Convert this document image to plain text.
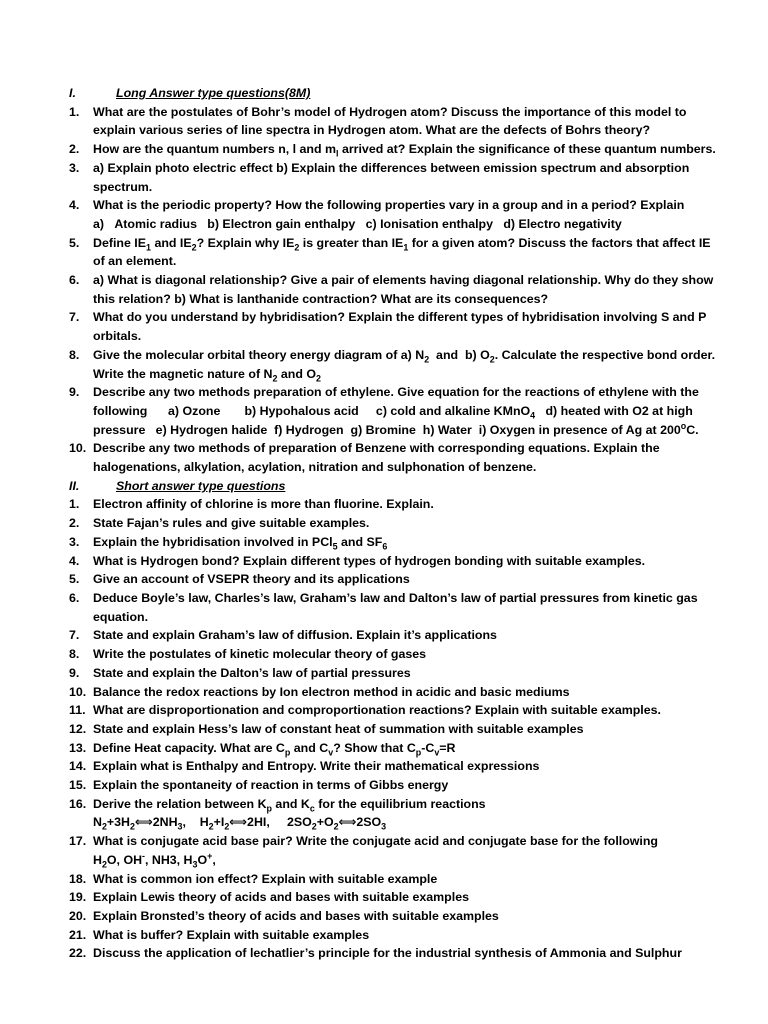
I.	Long Answer type questions(8M)
1.	What are the postulates of Bohr’s model of Hydrogen atom? Discuss the importance of this model to explain various series of line spectra in Hydrogen atom. What are the defects of Bohrs theory?
2.	How are the quantum numbers n, l and $m_l$ arrived at? Explain the significance of these quantum numbers.
3.	a) Explain photo electric effect b) Explain the differences between emission spectrum and absorption spectrum.
4.	What is the periodic property? How the following properties vary in a group and in a period? Explain
a)   Atomic radius   b) Electron gain enthalpy   c) Ionisation enthalpy   d) Electro negativity
5.	Define $IE_1$ and $IE_2$? Explain why $IE_2$ is greater than $IE_1$ for a given atom? Discuss the factors that affect IE of an element.
6.	a) What is diagonal relationship? Give a pair of elements having diagonal relationship. Why do they show this relation? b) What is lanthanide contraction? What are its consequences?
7.	What do you understand by hybridisation? Explain the different types of hybridisation involving S and P orbitals.
8.	Give the molecular orbital theory energy diagram of a) $N_2$  and  b) $O_2$. Calculate the respective bond order. Write the magnetic nature of $N_2$ and $O_2$
9.	Describe any two methods preparation of ethylene. Give equation for the reactions of ethylene with the following      a) Ozone       b) Hypohalous acid     c) cold and alkaline KMnO$_4$   d) heated with O2 at high pressure   e) Hydrogen halide  f) Hydrogen  g) Bromine  h) Water  i) Oxygen in presence of Ag at 200$^o$C.
10. Describe any two methods of preparation of Benzene with corresponding equations. Explain the halogenations, alkylation, acylation, nitration and sulphonation of benzene.
II.	Short answer type questions
1.	Electron affinity of chlorine is more than fluorine. Explain.
2.	State Fajan’s rules and give suitable examples.
3.	Explain the hybridisation involved in PCl$_5$ and $SF_6$
4.	What is Hydrogen bond? Explain different types of hydrogen bonding with suitable examples.
5.	Give an account of VSEPR theory and its applications
6.	Deduce Boyle’s law, Charles’s law, Graham’s law and Dalton’s law of partial pressures from kinetic gas equation.
7.	State and explain Graham’s law of diffusion. Explain it’s applications
8.	Write the postulates of kinetic molecular theory of gases
9.	State and explain the Dalton’s law of partial pressures
10. Balance the redox reactions by Ion electron method in acidic and basic mediums
11. What are disproportionation and comproportionation reactions? Explain with suitable examples.
12. State and explain Hess’s law of constant heat of summation with suitable examples
13. Define Heat capacity. What are $C_p$ and $C_v$? Show that $C_p-C_v=R$
14. Explain what is Enthalpy and Entropy. Write their mathematical expressions
15. Explain the spontaneity of reaction in terms of Gibbs energy
16. Derive the relation between $K_p$ and $K_c$ for the equilibrium reactions
$N_2+3H_2⟺2NH_3$,    $H_2+I_2⟺2HI$,     $2SO_2+O_2⟺2SO_3$
17. What is conjugate acid base pair? Write the conjugate acid and conjugate base for the following
$H_2O$, OH-, NH3, $H_3O^+$,
18. What is common ion effect? Explain with suitable example
19. Explain Lewis theory of acids and bases with suitable examples
20. Explain Bronsted’s theory of acids and bases with suitable examples
21. What is buffer? Explain with suitable examples
22. Discuss the application of lechatlier’s principle for the industrial synthesis of Ammonia and Sulphur
